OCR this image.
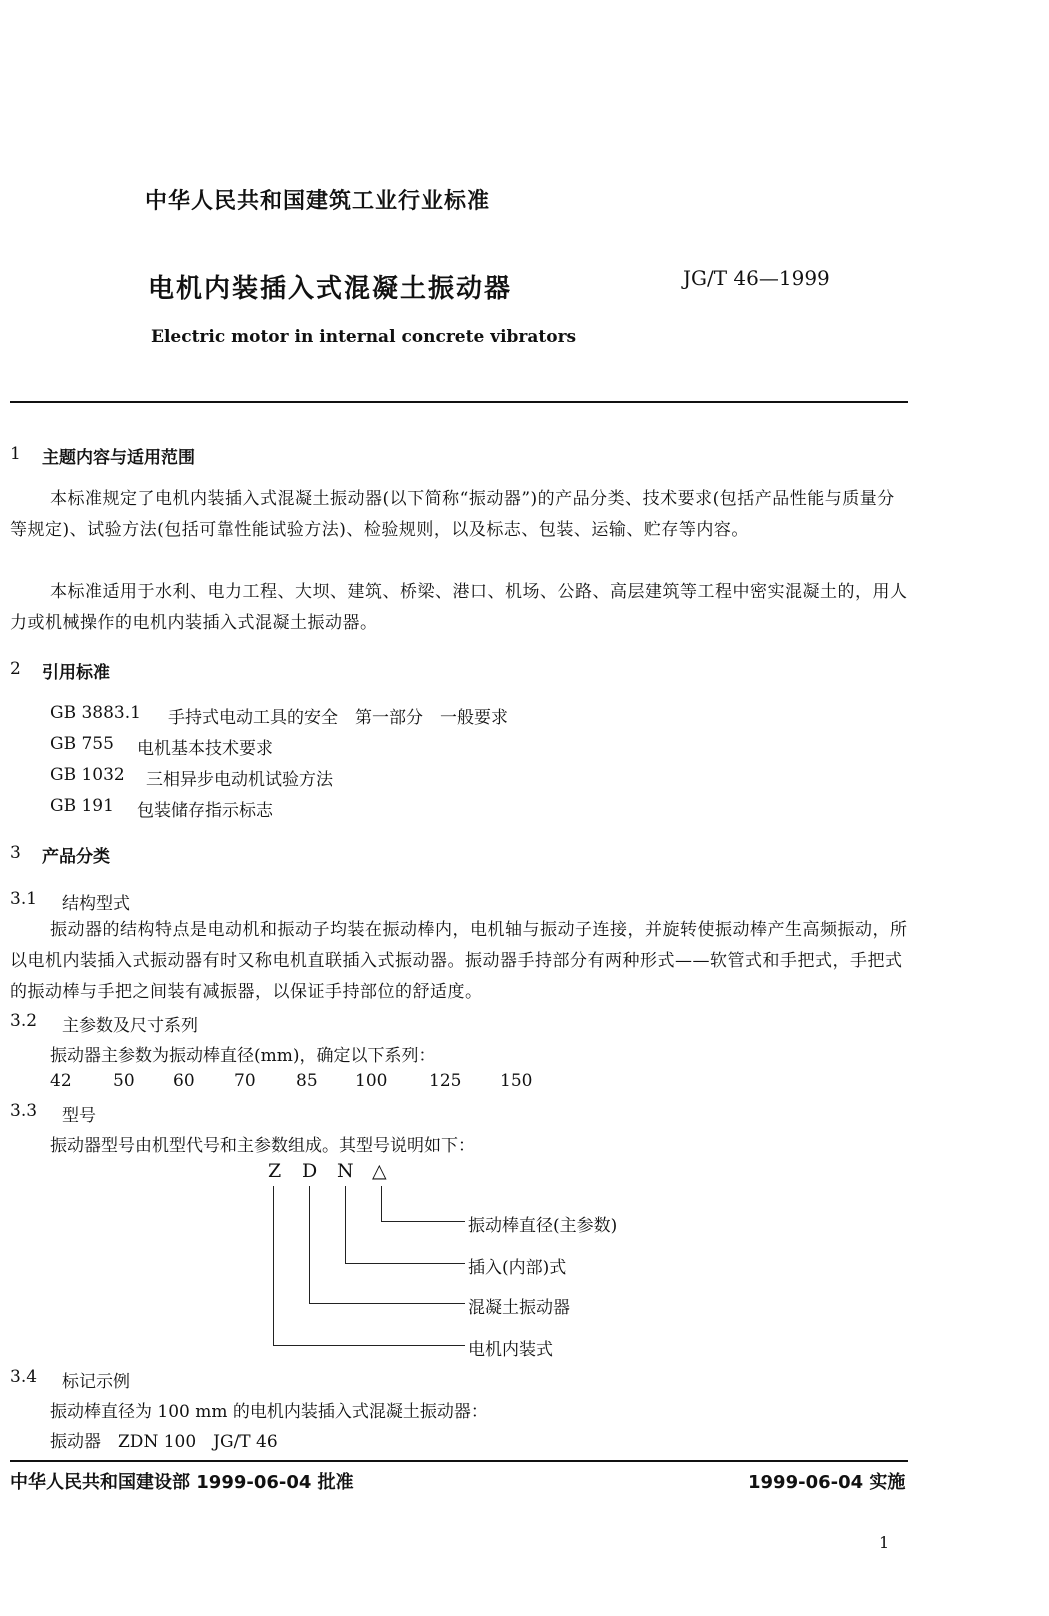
中华人民共和国建筑工业行业标准
电机内装插入式混凝土振动器	JG/T 46—1999
Electric motor in internal concrete vibrators
1 主题内容与适用范围
本标准规定了电机内装插入式混凝土振动器(以下简称“振动器”)的产品分类、技术要求(包括产品性能与质量分等规定)、试验方法(包括可靠性能试验方法)、检验规则，以及标志、包装、运输、贮存等内容。
本标准适用于水利、电力工程、大坝、建筑、桥梁、港口、机场、公路、高层建筑等工程中密实混凝土的，用人力或机械操作的电机内装插入式混凝土振动器。
2 引用标准
GB 3883.1 手持式电动工具的安全　第一部分　一般要求
GB 755 电机基本技术要求
GB 1032 三相异步电动机试验方法
GB 191 包装储存指示标志
3 产品分类
3.1 结构型式
振动器的结构特点是电动机和振动子均装在振动棒内，电机轴与振动子连接，并旋转使振动棒产生高频振动，所以电机内装插入式振动器有时又称电机直联插入式振动器。振动器手持部分有两种形式——软管式和手把式，手把式的振动棒与手把之间装有减振器，以保证手持部位的舒适度。
3.2 主参数及尺寸系列
振动器主参数为振动棒直径(mm)，确定以下系列：
42 50 60 70 85 100 125 150
3.3 型号
振动器型号由机型代号和主参数组成。其型号说明如下：
Z D N △
振动棒直径(主参数)
插入(内部)式
混凝土振动器
电机内装式
3.4 标记示例
振动棒直径为 100 mm 的电机内装插入式混凝土振动器：
振动器　ZDN 100　JG/T 46
中华人民共和国建设部 1999-06-04 批准	1999-06-04 实施
1
